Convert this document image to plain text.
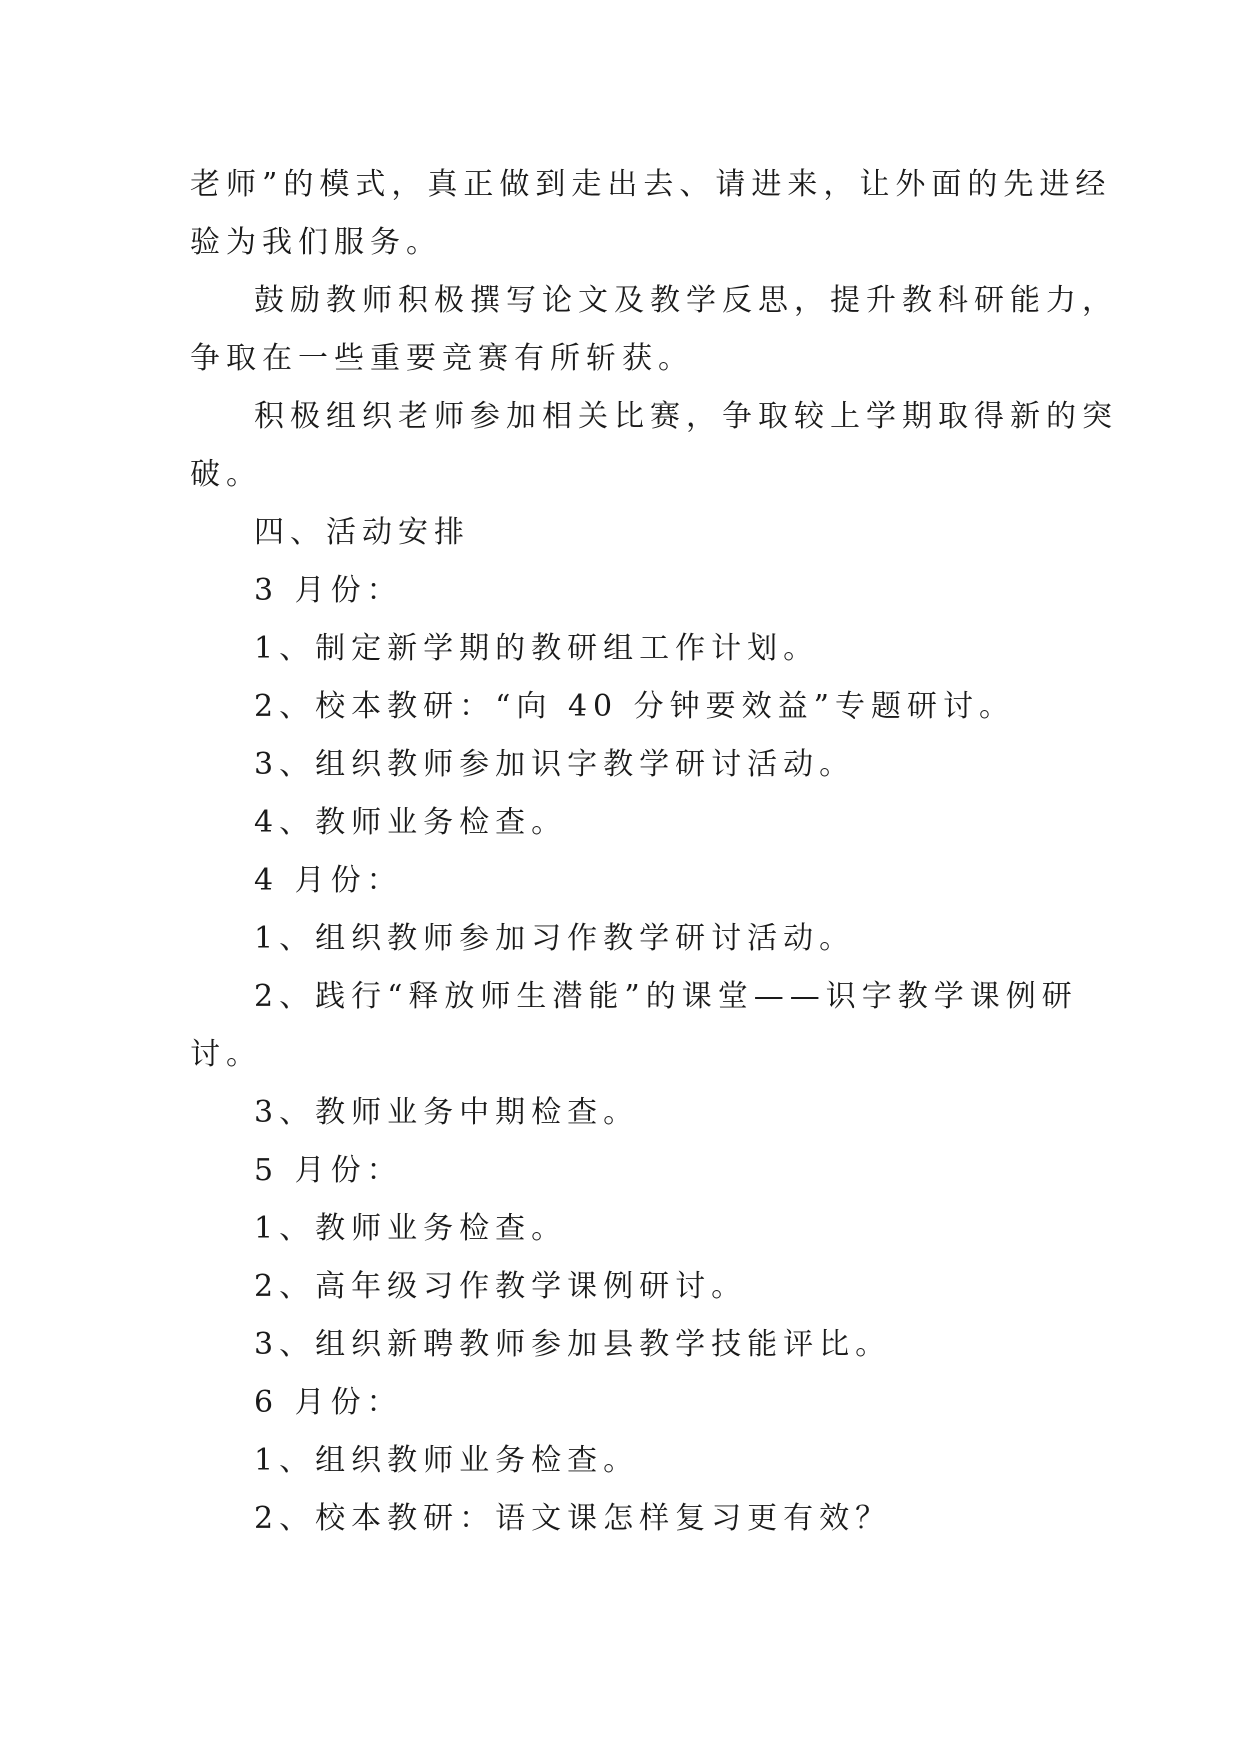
老师”的模式，真正做到走出去、请进来，让外面的先进经

验为我们服务。

鼓励教师积极撰写论文及教学反思，提升教科研能力，

争取在一些重要竞赛有所斩获。

积极组织老师参加相关比赛，争取较上学期取得新的突

破。

四、活动安排

3 月份：

1、制定新学期的教研组工作计划。

2、校本教研：“向 40 分钟要效益”专题研讨。

3、组织教师参加识字教学研讨活动。

4、教师业务检查。

4 月份：

1、组织教师参加习作教学研讨活动。

2、践行“释放师生潜能”的课堂——识字教学课例研

讨。

3、教师业务中期检查。

5 月份：

1、教师业务检查。

2、高年级习作教学课例研讨。

3、组织新聘教师参加县教学技能评比。

6 月份：

1、组织教师业务检查。

2、校本教研：语文课怎样复习更有效？
